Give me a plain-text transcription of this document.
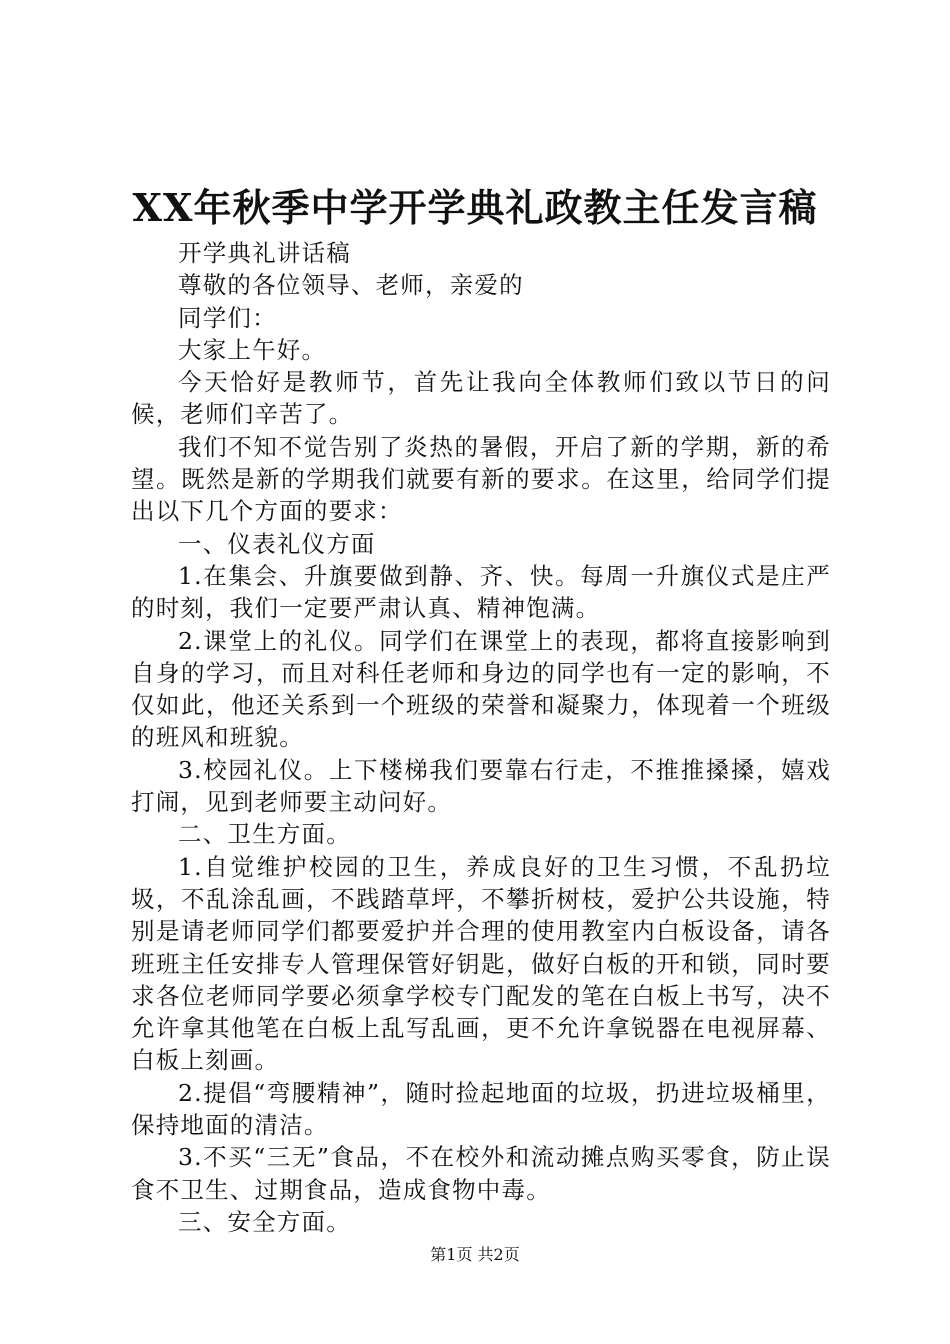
XX年秋季中学开学典礼政教主任发言稿

开学典礼讲话稿

尊敬的各位领导、老师，亲爱的

同学们：

大家上午好。

今天恰好是教师节，首先让我向全体教师们致以节日的问候，老师们辛苦了。

我们不知不觉告别了炎热的暑假，开启了新的学期，新的希望。既然是新的学期我们就要有新的要求。在这里，给同学们提出以下几个方面的要求：

一、仪表礼仪方面

1.在集会、升旗要做到静、齐、快。每周一升旗仪式是庄严的时刻，我们一定要严肃认真、精神饱满。

2.课堂上的礼仪。同学们在课堂上的表现，都将直接影响到自身的学习，而且对科任老师和身边的同学也有一定的影响，不仅如此，他还关系到一个班级的荣誉和凝聚力，体现着一个班级的班风和班貌。

3.校园礼仪。上下楼梯我们要靠右行走，不推推搡搡，嬉戏打闹，见到老师要主动问好。

二、卫生方面。

1.自觉维护校园的卫生，养成良好的卫生习惯，不乱扔垃圾，不乱涂乱画，不践踏草坪，不攀折树枝，爱护公共设施，特别是请老师同学们都要爱护并合理的使用教室内白板设备，请各班班主任安排专人管理保管好钥匙，做好白板的开和锁，同时要求各位老师同学要必须拿学校专门配发的笔在白板上书写，决不允许拿其他笔在白板上乱写乱画，更不允许拿锐器在电视屏幕、白板上刻画。

2.提倡“弯腰精神”，随时捡起地面的垃圾，扔进垃圾桶里，保持地面的清洁。

3.不买“三无”食品，不在校外和流动摊点购买零食，防止误食不卫生、过期食品，造成食物中毒。

三、安全方面。

第1页 共2页
